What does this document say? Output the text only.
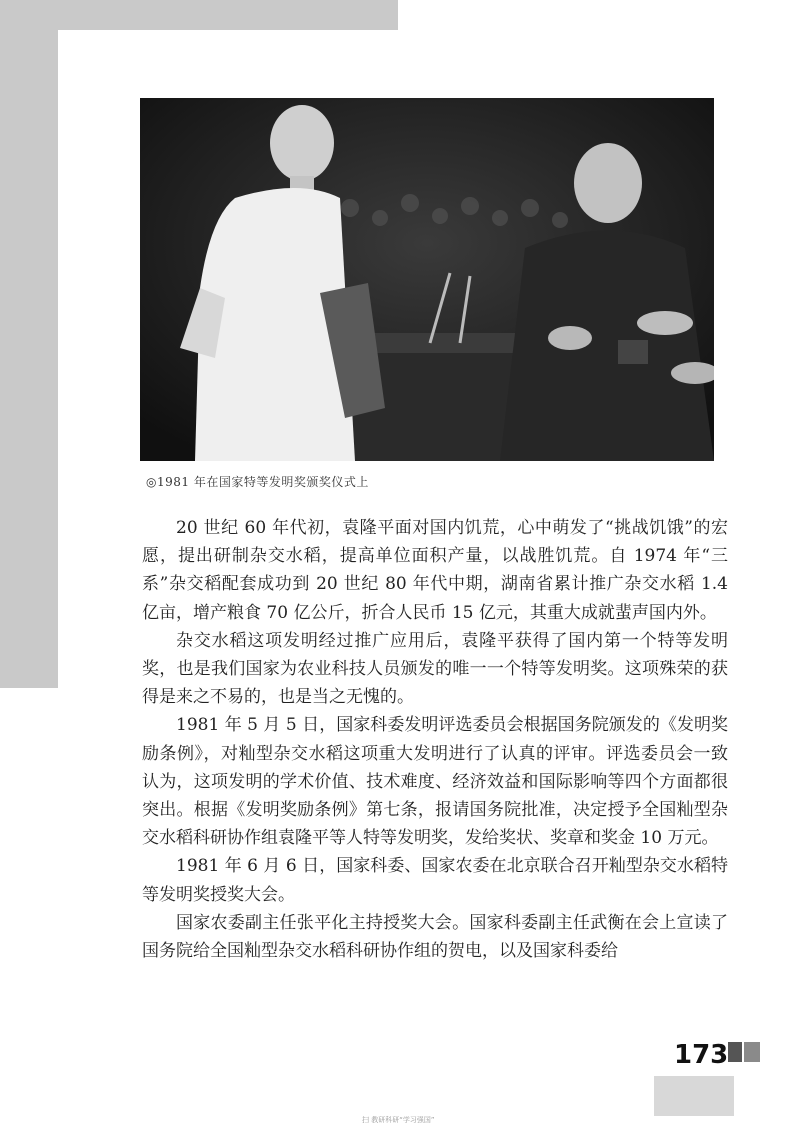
◎1981 年在国家特等发明奖颁奖仪式上

20 世纪 60 年代初，袁隆平面对国内饥荒，心中萌发了“挑战饥饿”的宏愿，提出研制杂交水稻，提高单位面积产量，以战胜饥荒。自 1974 年“三系”杂交稻配套成功到 20 世纪 80 年代中期，湖南省累计推广杂交水稻 1.4 亿亩，增产粮食 70 亿公斤，折合人民币 15 亿元，其重大成就蜚声国内外。

杂交水稻这项发明经过推广应用后，袁隆平获得了国内第一个特等发明奖，也是我们国家为农业科技人员颁发的唯一一个特等发明奖。这项殊荣的获得是来之不易的，也是当之无愧的。

1981 年 5 月 5 日，国家科委发明评选委员会根据国务院颁发的《发明奖励条例》，对籼型杂交水稻这项重大发明进行了认真的评审。评选委员会一致认为，这项发明的学术价值、技术难度、经济效益和国际影响等四个方面都很突出。根据《发明奖励条例》第七条，报请国务院批准，决定授予全国籼型杂交水稻科研协作组袁隆平等人特等发明奖，发给奖状、奖章和奖金 10 万元。

1981 年 6 月 6 日，国家科委、国家农委在北京联合召开籼型杂交水稻特等发明奖授奖大会。

国家农委副主任张平化主持授奖大会。国家科委副主任武衡在会上宣读了国务院给全国籼型杂交水稻科研协作组的贺电，以及国家科委给

173
扫 教研科研“学习强国”
